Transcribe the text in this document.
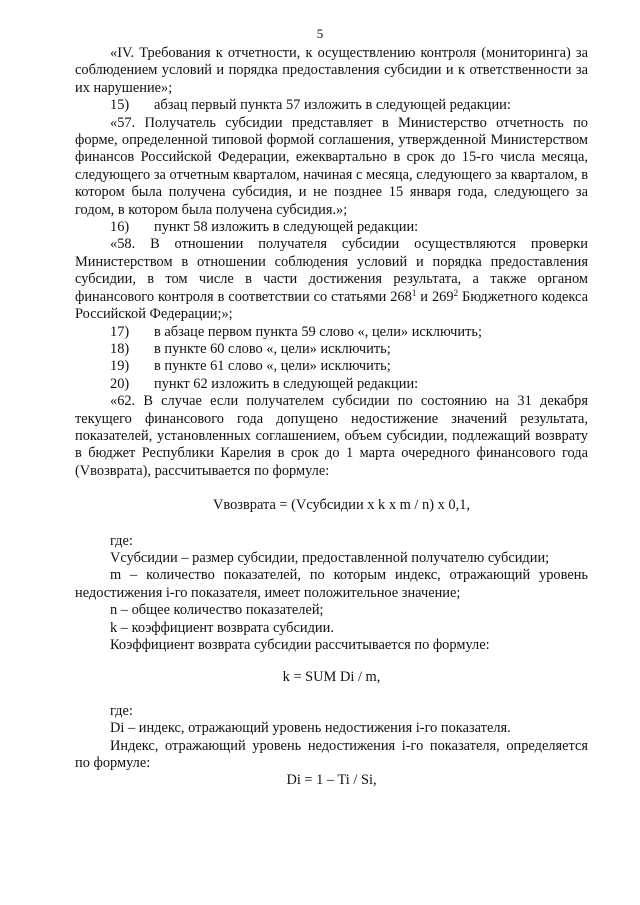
5

«IV. Требования к отчетности, к осуществлению контроля (мониторинга) за соблюдением условий и порядка предоставления субсидии и к ответственности за их нарушение»;

15) абзац первый пункта 57 изложить в следующей редакции:

«57. Получатель субсидии представляет в Министерство отчетность по форме, определенной типовой формой соглашения, утвержденной Министерством финансов Российской Федерации, ежеквартально в срок до 15-го числа месяца, следующего за отчетным кварталом, начиная с месяца, следующего за кварталом, в котором была получена субсидия, и не позднее 15 января года, следующего за годом, в котором была получена субсидия.»;

16) пункт 58 изложить в следующей редакции:

«58. В отношении получателя субсидии осуществляются проверки Министерством в отношении соблюдения условий и порядка предоставления субсидии, в том числе в части достижения результата, а также органом финансового контроля в соответствии со статьями $268^1$ и $269^2$ Бюджетного кодекса Российской Федерации;»;

17) в абзаце первом пункта 59 слово «, цели» исключить;

18) в пункте 60 слово «, цели» исключить;

19) в пункте 61 слово «, цели» исключить;

20) пункт 62 изложить в следующей редакции:

«62. В случае если получателем субсидии по состоянию на 31 декабря текущего финансового года допущено недостижение значений результата, показателей, установленных соглашением, объем субсидии, подлежащий возврату в бюджет Республики Карелия в срок до 1 марта очередного финансового года (Vвозврата), рассчитывается по формуле:

Vвозврата = (Vсубсидии x k x m / n) x 0,1,

где:

Vсубсидии – размер субсидии, предоставленной получателю субсидии;

m – количество показателей, по которым индекс, отражающий уровень недостижения i-го показателя, имеет положительное значение;

n – общее количество показателей;

k – коэффициент возврата субсидии.

Коэффициент возврата субсидии рассчитывается по формуле:

k = SUM Di / m,

где:

Di – индекс, отражающий уровень недостижения i-го показателя.

Индекс, отражающий уровень недостижения i-го показателя, определяется по формуле:

Di = 1 – Ti / Si,
